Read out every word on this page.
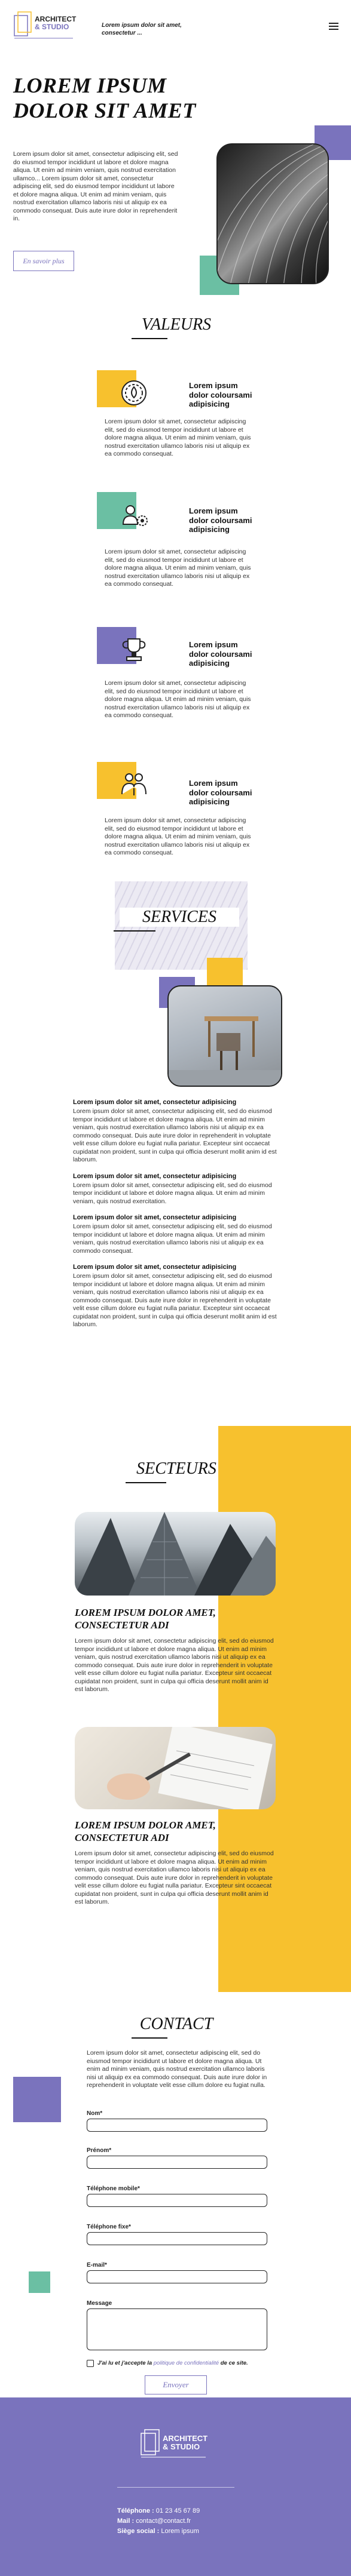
ARCHITECT
& STUDIO	Lorem ipsum dolor sit amet, consectetur ...
LOREM IPSUM DOLOR SIT AMET

Lorem ipsum dolor sit amet, consectetur adipiscing elit, sed do eiusmod tempor incididunt ut labore et dolore magna aliqua. Ut enim ad minim veniam, quis nostrud exercitation ullamco... Lorem ipsum dolor sit amet, consectetur adipiscing elit, sed do eiusmod tempor incididunt ut labore et dolore magna aliqua. Ut enim ad minim veniam, quis nostrud exercitation ullamco laboris nisi ut aliquip ex ea commodo consequat. Duis aute irure dolor in reprehenderit in.

En savoir plus
VALEURS
Lorem ipsum dolor coloursami adipisicing

Lorem ipsum dolor sit amet, consectetur adipiscing elit, sed do eiusmod tempor incididunt ut labore et dolore magna aliqua. Ut enim ad minim veniam, quis nostrud exercitation ullamco laboris nisi ut aliquip ex ea commodo consequat.

Lorem ipsum dolor coloursami adipisicing

Lorem ipsum dolor sit amet, consectetur adipiscing elit, sed do eiusmod tempor incididunt ut labore et dolore magna aliqua. Ut enim ad minim veniam, quis nostrud exercitation ullamco laboris nisi ut aliquip ex ea commodo consequat.

Lorem ipsum dolor coloursami adipisicing

Lorem ipsum dolor sit amet, consectetur adipiscing elit, sed do eiusmod tempor incididunt ut labore et dolore magna aliqua. Ut enim ad minim veniam, quis nostrud exercitation ullamco laboris nisi ut aliquip ex ea commodo consequat.

Lorem ipsum dolor coloursami adipisicing

Lorem ipsum dolor sit amet, consectetur adipiscing elit, sed do eiusmod tempor incididunt ut labore et dolore magna aliqua. Ut enim ad minim veniam, quis nostrud exercitation ullamco laboris nisi ut aliquip ex ea commodo consequat.

SERVICES
Lorem ipsum dolor sit amet, consectetur adipisicing

Lorem ipsum dolor sit amet, consectetur adipiscing elit, sed do eiusmod tempor incididunt ut labore et dolore magna aliqua. Ut enim ad minim veniam, quis nostrud exercitation ullamco laboris nisi ut aliquip ex ea commodo consequat. Duis aute irure dolor in reprehenderit in voluptate velit esse cillum dolore eu fugiat nulla pariatur. Excepteur sint occaecat cupidatat non proident, sunt in culpa qui officia deserunt mollit anim id est laborum.

Lorem ipsum dolor sit amet, consectetur adipisicing

Lorem ipsum dolor sit amet, consectetur adipiscing elit, sed do eiusmod tempor incididunt ut labore et dolore magna aliqua. Ut enim ad minim veniam, quis nostrud exercitation.

Lorem ipsum dolor sit amet, consectetur adipisicing

Lorem ipsum dolor sit amet, consectetur adipiscing elit, sed do eiusmod tempor incididunt ut labore et dolore magna aliqua. Ut enim ad minim veniam, quis nostrud exercitation ullamco laboris nisi ut aliquip ex ea commodo consequat.

Lorem ipsum dolor sit amet, consectetur adipisicing

Lorem ipsum dolor sit amet, consectetur adipiscing elit, sed do eiusmod tempor incididunt ut labore et dolore magna aliqua. Ut enim ad minim veniam, quis nostrud exercitation ullamco laboris nisi ut aliquip ex ea commodo consequat. Duis aute irure dolor in reprehenderit in voluptate velit esse cillum dolore eu fugiat nulla pariatur. Excepteur sint occaecat cupidatat non proident, sunt in culpa qui officia deserunt mollit anim id est laborum.

SECTEURS
LOREM IPSUM DOLOR AMET, CONSECTETUR ADI

Lorem ipsum dolor sit amet, consectetur adipiscing elit, sed do eiusmod tempor incididunt ut labore et dolore magna aliqua. Ut enim ad minim veniam, quis nostrud exercitation ullamco laboris nisi ut aliquip ex ea commodo consequat. Duis aute irure dolor in reprehenderit in voluptate velit esse cillum dolore eu fugiat nulla pariatur. Excepteur sint occaecat cupidatat non proident, sunt in culpa qui officia deserunt mollit anim id est laborum.

LOREM IPSUM DOLOR AMET, CONSECTETUR ADI

Lorem ipsum dolor sit amet, consectetur adipiscing elit, sed do eiusmod tempor incididunt ut labore et dolore magna aliqua. Ut enim ad minim veniam, quis nostrud exercitation ullamco laboris nisi ut aliquip ex ea commodo consequat. Duis aute irure dolor in reprehenderit in voluptate velit esse cillum dolore eu fugiat nulla pariatur. Excepteur sint occaecat cupidatat non proident, sunt in culpa qui officia deserunt mollit anim id est laborum.

CONTACT

Lorem ipsum dolor sit amet, consectetur adipiscing elit, sed do eiusmod tempor incididunt ut labore et dolore magna aliqua. Ut enim ad minim veniam, quis nostrud exercitation ullamco laboris nisi ut aliquip ex ea commodo consequat. Duis aute irure dolor in reprehenderit in voluptate velit esse cillum dolore eu fugiat nulla.

Nom*
Prénom*
Téléphone mobile*
Téléphone fixe*
E-mail*
Message
J'ai lu et j'accepte la politique de confidentialité de ce site.
Envoyer
ARCHITECT
& STUDIO
Téléphone : 01 23 45 67 89
Mail : contact@contact.fr
Siège social : Lorem ipsum
